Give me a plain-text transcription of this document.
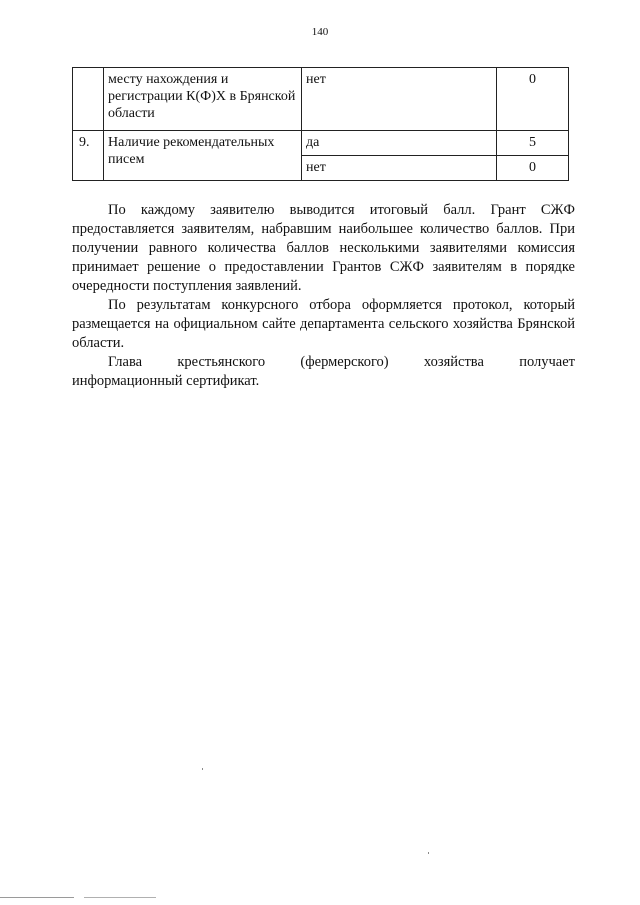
140
	месту нахождения и регистрации К(Ф)Х в Брянской области	нет	0
9.	Наличие рекомендательных писем	да	5
		нет	0

По каждому заявителю выводится итоговый балл. Грант СЖФ предоставляется заявителям, набравшим наибольшее количество баллов. При получении равного количества баллов несколькими заявителями комиссия принимает решение о предоставлении Грантов СЖФ заявителям в порядке очередности поступления заявлений.

По результатам конкурсного отбора оформляется протокол, который размещается на официальном сайте департамента сельского хозяйства Брянской области.

Глава крестьянского (фермерского) хозяйства получает
информационный сертификат.
